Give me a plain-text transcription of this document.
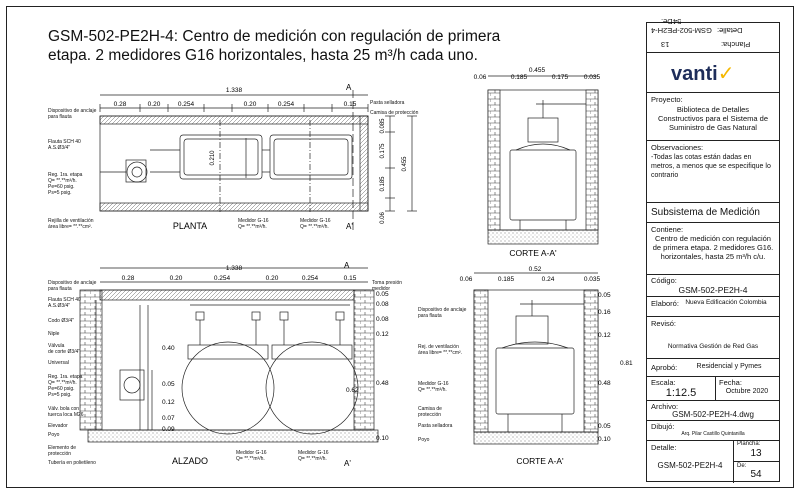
GSM-502-PE2H-4: Centro de medición con regulación de primera
etapa. 2 medidores G16 horizontales, hasta 25 m³/h cada uno.
1.338
0.28	0.20	0.254	0.20	0.254	0.15
0.085
0.175
0.455
0.185
0.06
0.210
PLANTA
A
A'
Dispositivo de anclaje
para flauta
Pasta selladora
Camisa de protección
Flauta SCH 40
A.S.Ø3/4"
Reg. 1ra. etapa
Q= **.**m³/h.
Pe=60 psig.
Ps=5 psig.
Rejilla de ventilación
área libre= **.**cm².
Medidor G-16
Q= **.**m³/h.
Medidor G-16
Q= **.**m³/h.
0.455
0.06	0.185	0.175 0.035
CORTE A-A'
1.338
0.28	0.20	0.254	0.20	0.254	0.15
0.05
0.08
0.08
0.12
0.48
0.62
0.10
0.40
0.05
0.12
0.07
0.09
ALZADO
A
A'
Dispositivo de anclaje
para flauta
Flauta SCH 40
A.S.Ø3/4"
Codo Ø3/4"
Niple
Válvula
de corte Ø3/4"
Universal
Reg. 1ra. etapa
Q= **.**m³/h.
Pe=60 psig.
Ps=5 psig.
Válv. bola con
tuerca loca M26
Elevador
Poyo
Elemento de
protección
Tubería en polietileno
Toma presión
medidor
Medidor G-16
Q= **.**m³/h.
Medidor G-16
Q= **.**m³/h.
0.52
0.06	0.185	0.24	0.035
0.05
0.16
0.12
0.81
0.48
0.05
0.10
Dispositivo de anclaje
para flauta
Rej. de ventilación
área libre= **.**cm².
Medidor G-16
Q= **.**m³/h.
Camisa de
protección
Pasta selladora
Poyo
CORTE A-A'
Detalle:
GSM-502-PE2H-4
Plancha:
13
De: 54
vanti✓
Proyecto:
Biblioteca de Detalles Constructivos para el Sistema de Suministro de Gas Natural
Observaciones:
-Todas las cotas están dadas en metros, a menos que se especifique lo contrario
Subsistema de Medición
Contiene:
Centro de medición con regulación de primera etapa. 2 medidores G16. horizontales, hasta 25 m³/h c/u.
Código:
GSM-502-PE2H-4
Elaboró: Nueva Edificación Colombia
Revisó:
Normativa Gestión de Red Gas
Aprobó:	Residencial y Pymes
Escala:
1:12.5
Fecha:
Octubre 2020
Archivo:
GSM-502-PE2H-4.dwg
Dibujó:
Arq. Pilar Castillo Quintanilla
Detalle:
GSM-502-PE2H-4
Plancha:
13
De:
54
